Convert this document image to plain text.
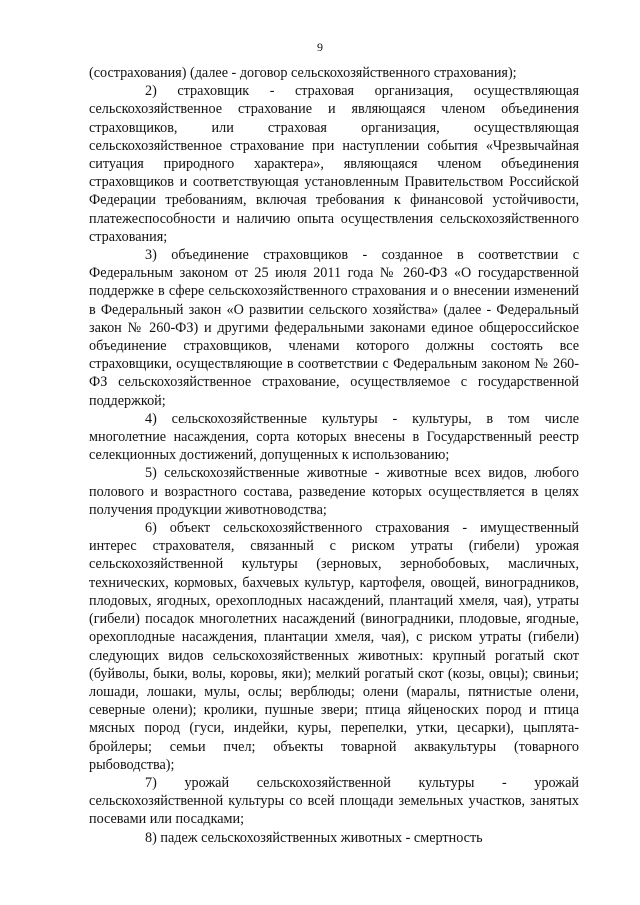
9

(сострахования) (далее - договор сельскохозяйственного страхования);

2) страховщик - страховая организация, осуществляющая сельскохозяйственное страхование и являющаяся членом объединения страховщиков, или страховая организация, осуществляющая сельскохозяйственное страхование при наступлении события «Чрезвычайная ситуация природного характера», являющаяся членом объединения страховщиков и соответствующая установленным Правительством Российской Федерации требованиям, включая требования к финансовой устойчивости, платежеспособности и наличию опыта осуществления сельскохозяйственного страхования;

3) объединение страховщиков - созданное в соответствии с Федеральным законом от 25 июля 2011 года № 260-ФЗ «О государственной поддержке в сфере сельскохозяйственного страхования и о внесении изменений в Федеральный закон «О развитии сельского хозяйства» (далее - Федеральный закон № 260-ФЗ) и другими федеральными законами единое общероссийское объединение страховщиков, членами которого должны состоять все страховщики, осуществляющие в соответствии с Федеральным законом № 260-ФЗ сельскохозяйственное страхование, осуществляемое с государственной поддержкой;

4) сельскохозяйственные культуры - культуры, в том числе многолетние насаждения, сорта которых внесены в Государственный реестр селекционных достижений, допущенных к использованию;

5) сельскохозяйственные животные - животные всех видов, любого полового и возрастного состава, разведение которых осуществляется в целях получения продукции животноводства;

6) объект сельскохозяйственного страхования - имущественный интерес страхователя, связанный с риском утраты (гибели) урожая сельскохозяйственной культуры (зерновых, зернобобовых, масличных, технических, кормовых, бахчевых культур, картофеля, овощей, виноградников, плодовых, ягодных, орехоплодных насаждений, плантаций хмеля, чая), утраты (гибели) посадок многолетних насаждений (виноградники, плодовые, ягодные, орехоплодные насаждения, плантации хмеля, чая), с риском утраты (гибели) следующих видов сельскохозяйственных животных: крупный рогатый скот (буйволы, быки, волы, коровы, яки); мелкий рогатый скот (козы, овцы); свиньи; лошади, лошаки, мулы, ослы; верблюды; олени (маралы, пятнистые олени, северные олени); кролики, пушные звери; птица яйценоских пород и птица мясных пород (гуси, индейки, куры, перепелки, утки, цесарки), цыплята-бройлеры; семьи пчел; объекты товарной аквакультуры (товарного рыбоводства);

7) урожай сельскохозяйственной культуры - урожай сельскохозяйственной культуры со всей площади земельных участков, занятых посевами или посадками;

8) падеж сельскохозяйственных животных - смертность
